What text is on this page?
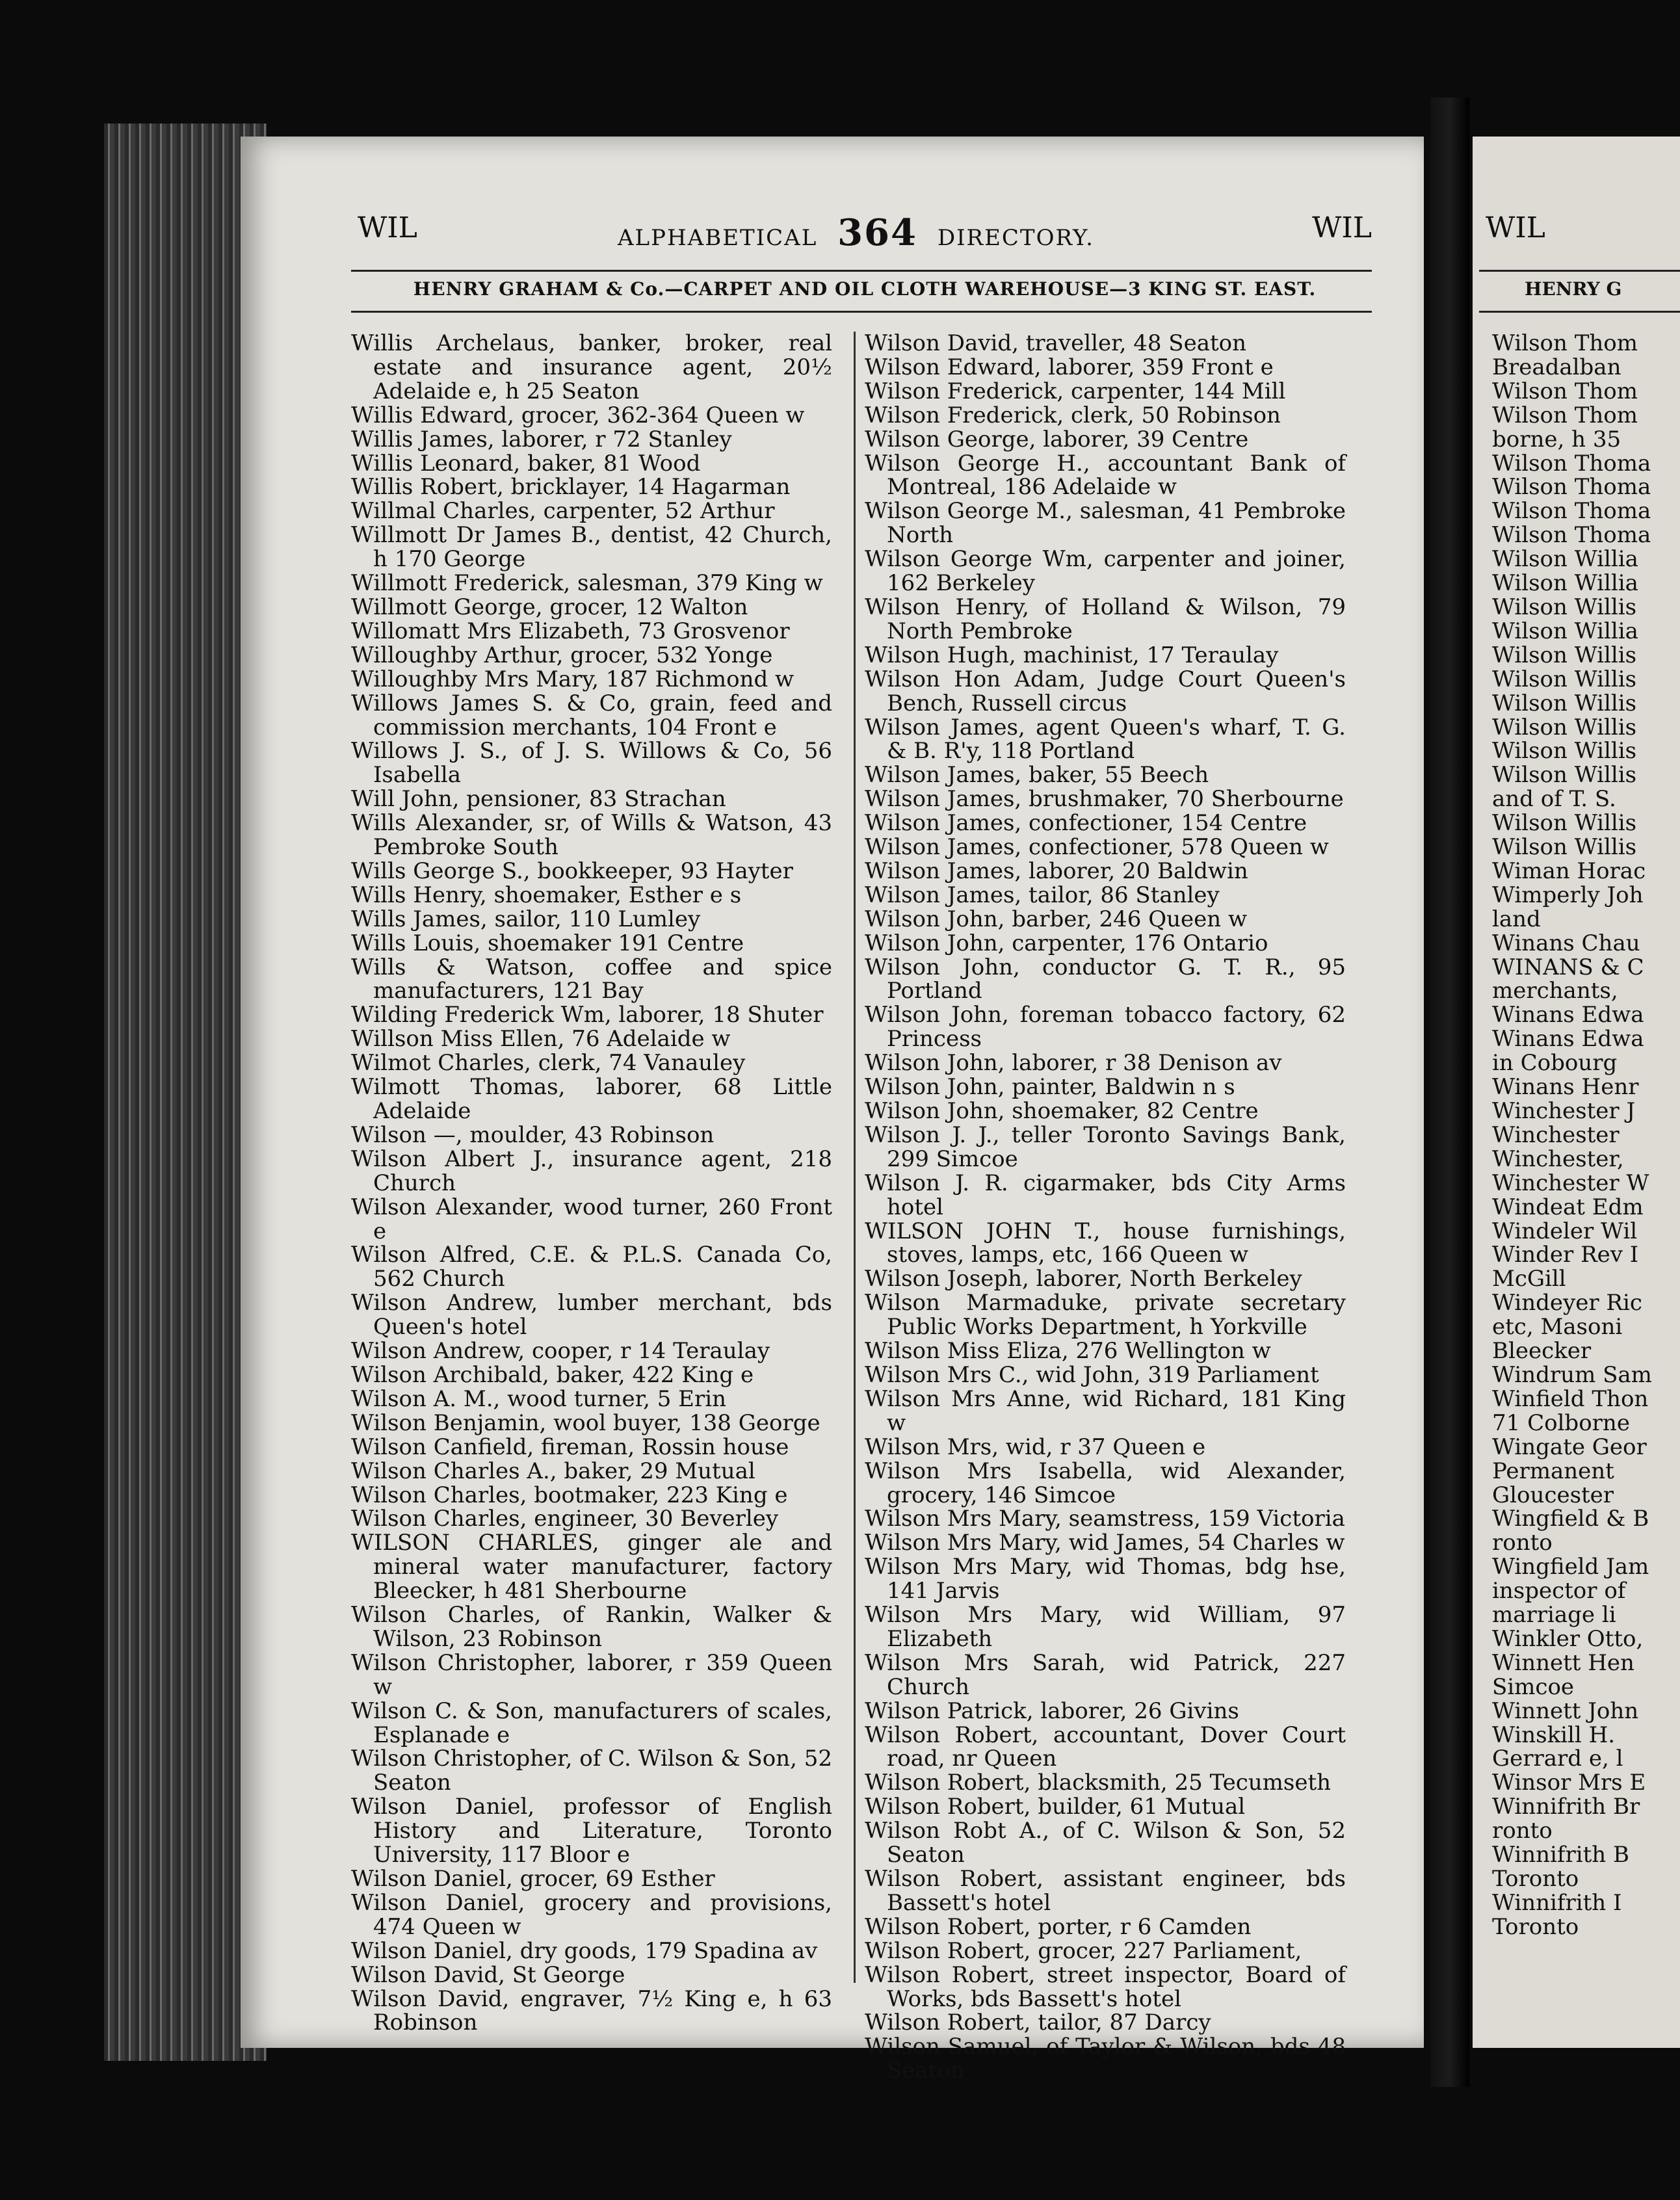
WIL	ALPHABETICAL 364 DIRECTORY.	WIL
HENRY GRAHAM & Co.—CARPET AND OIL CLOTH WAREHOUSE—3 KING ST. EAST.
Willis Archelaus, banker, broker, real estate and insurance agent, 20½ Adelaide e, h 25 Seaton
Willis Edward, grocer, 362-364 Queen w
Willis James, laborer, r 72 Stanley
Willis Leonard, baker, 81 Wood
Willis Robert, bricklayer, 14 Hagarman
Willmal Charles, carpenter, 52 Arthur
Willmott Dr James B., dentist, 42 Church, h 170 George
Willmott Frederick, salesman, 379 King w
Willmott George, grocer, 12 Walton
Willomatt Mrs Elizabeth, 73 Grosvenor
Willoughby Arthur, grocer, 532 Yonge
Willoughby Mrs Mary, 187 Richmond w
Willows James S. & Co, grain, feed and commission merchants, 104 Front e
Willows J. S., of J. S. Willows & Co, 56 Isabella
Will John, pensioner, 83 Strachan
Wills Alexander, sr, of Wills & Watson, 43 Pembroke South
Wills George S., bookkeeper, 93 Hayter
Wills Henry, shoemaker, Esther e s
Wills James, sailor, 110 Lumley
Wills Louis, shoemaker 191 Centre
Wills & Watson, coffee and spice manufacturers, 121 Bay
Wilding Frederick Wm, laborer, 18 Shuter
Willson Miss Ellen, 76 Adelaide w
Wilmot Charles, clerk, 74 Vanauley
Wilmott Thomas, laborer, 68 Little Adelaide
Wilson —, moulder, 43 Robinson
Wilson Albert J., insurance agent, 218 Church
Wilson Alexander, wood turner, 260 Front e
Wilson Alfred, C.E. & P.L.S. Canada Co, 562 Church
Wilson Andrew, lumber merchant, bds Queen's hotel
Wilson Andrew, cooper, r 14 Teraulay
Wilson Archibald, baker, 422 King e
Wilson A. M., wood turner, 5 Erin
Wilson Benjamin, wool buyer, 138 George
Wilson Canfield, fireman, Rossin house
Wilson Charles A., baker, 29 Mutual
Wilson Charles, bootmaker, 223 King e
Wilson Charles, engineer, 30 Beverley
WILSON CHARLES, ginger ale and mineral water manufacturer, factory Bleecker, h 481 Sherbourne
Wilson Charles, of Rankin, Walker & Wilson, 23 Robinson
Wilson Christopher, laborer, r 359 Queen w
Wilson C. & Son, manufacturers of scales, Esplanade e
Wilson Christopher, of C. Wilson & Son, 52 Seaton
Wilson Daniel, professor of English History and Literature, Toronto University, 117 Bloor e
Wilson Daniel, grocer, 69 Esther
Wilson Daniel, grocery and provisions, 474 Queen w
Wilson Daniel, dry goods, 179 Spadina av
Wilson David, St George
Wilson David, engraver, 7½ King e, h 63 Robinson
Wilson David, traveller, 48 Seaton
Wilson Edward, laborer, 359 Front e
Wilson Frederick, carpenter, 144 Mill
Wilson Frederick, clerk, 50 Robinson
Wilson George, laborer, 39 Centre
Wilson George H., accountant Bank of Montreal, 186 Adelaide w
Wilson George M., salesman, 41 Pembroke North
Wilson George Wm, carpenter and joiner, 162 Berkeley
Wilson Henry, of Holland & Wilson, 79 North Pembroke
Wilson Hugh, machinist, 17 Teraulay
Wilson Hon Adam, Judge Court Queen's Bench, Russell circus
Wilson James, agent Queen's wharf, T. G. & B. R'y, 118 Portland
Wilson James, baker, 55 Beech
Wilson James, brushmaker, 70 Sherbourne
Wilson James, confectioner, 154 Centre
Wilson James, confectioner, 578 Queen w
Wilson James, laborer, 20 Baldwin
Wilson James, tailor, 86 Stanley
Wilson John, barber, 246 Queen w
Wilson John, carpenter, 176 Ontario
Wilson John, conductor G. T. R., 95 Portland
Wilson John, foreman tobacco factory, 62 Princess
Wilson John, laborer, r 38 Denison av
Wilson John, painter, Baldwin n s
Wilson John, shoemaker, 82 Centre
Wilson J. J., teller Toronto Savings Bank, 299 Simcoe
Wilson J. R. cigarmaker, bds City Arms hotel
WILSON JOHN T., house furnishings, stoves, lamps, etc, 166 Queen w
Wilson Joseph, laborer, North Berkeley
Wilson Marmaduke, private secretary Public Works Department, h Yorkville
Wilson Miss Eliza, 276 Wellington w
Wilson Mrs C., wid John, 319 Parliament
Wilson Mrs Anne, wid Richard, 181 King w
Wilson Mrs, wid, r 37 Queen e
Wilson Mrs Isabella, wid Alexander, grocery, 146 Simcoe
Wilson Mrs Mary, seamstress, 159 Victoria
Wilson Mrs Mary, wid James, 54 Charles w
Wilson Mrs Mary, wid Thomas, bdg hse, 141 Jarvis
Wilson Mrs Mary, wid William, 97 Elizabeth
Wilson Mrs Sarah, wid Patrick, 227 Church
Wilson Patrick, laborer, 26 Givins
Wilson Robert, accountant, Dover Court road, nr Queen
Wilson Robert, blacksmith, 25 Tecumseth
Wilson Robert, builder, 61 Mutual
Wilson Robt A., of C. Wilson & Son, 52 Seaton
Wilson Robert, assistant engineer, bds Bassett's hotel
Wilson Robert, porter, r 6 Camden
Wilson Robert, grocer, 227 Parliament,
Wilson Robert, street inspector, Board of Works, bds Bassett's hotel
Wilson Robert, tailor, 87 Darcy
Wilson Samuel, of Taylor & Wilson, bds 48 Seaton
WIL
HENRY G
Wilson Thom
Breadalban
Wilson Thom
Wilson Thom
borne, h 35
Wilson Thoma
Wilson Thoma
Wilson Thoma
Wilson Thoma
Wilson Willia
Wilson Willia
Wilson Willis
Wilson Willia
Wilson Willis
Wilson Willis
Wilson Willis
Wilson Willis
Wilson Willis
Wilson Willis
and of T. S.
Wilson Willis
Wilson Willis
Wiman Horac
Wimperly Joh
land
Winans Chau
WINANS & C
merchants,
Winans Edwa
Winans Edwa
in Cobourg
Winans Henr
Winchester J
Winchester
Winchester,
Winchester W
Windeat Edm
Windeler Wil
Winder Rev I
McGill
Windeyer Ric
etc, Masoni
Bleecker
Windrum Sam
Winfield Thon
71 Colborne
Wingate Geor
Permanent
Gloucester
Wingfield & B
ronto
Wingfield Jam
inspector of
marriage li
Winkler Otto,
Winnett Hen
Simcoe
Winnett John
Winskill H.
Gerrard e, l
Winsor Mrs E
Winnifrith Br
ronto
Winnifrith B
Toronto
Winnifrith I
Toronto
